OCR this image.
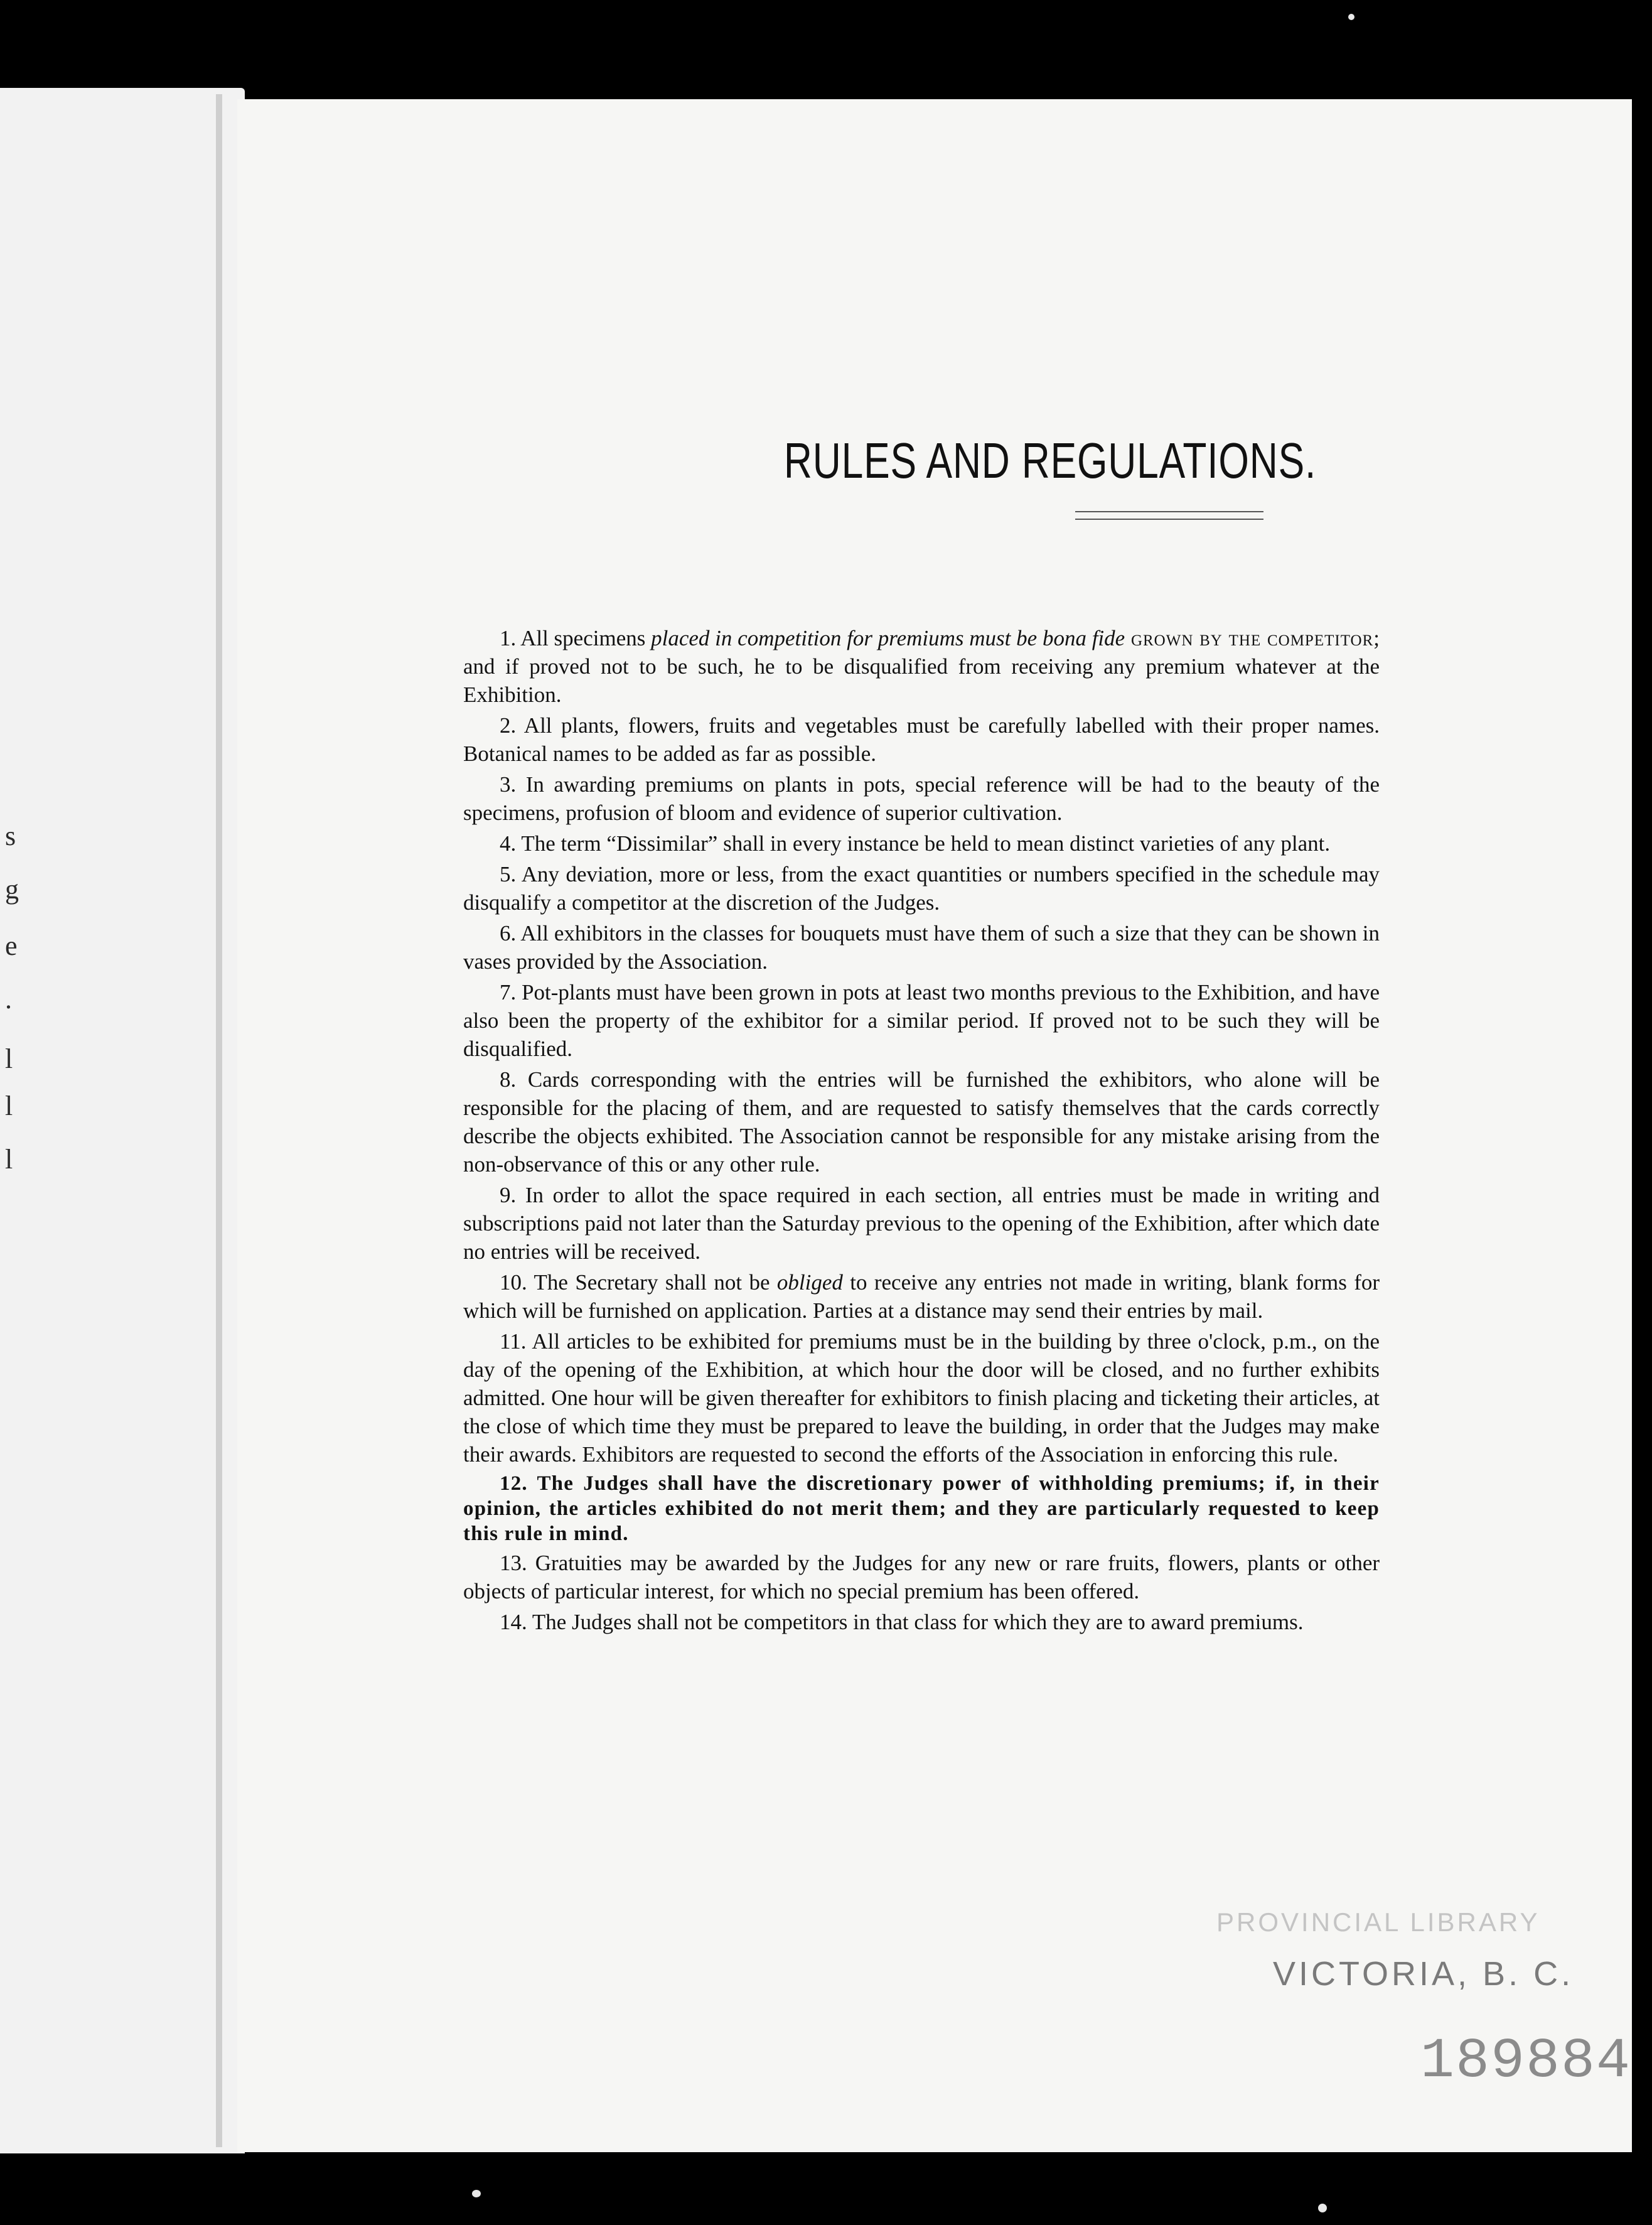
s
g
e
.
l
l
l
RULES AND REGULATIONS.

1. All specimens placed in competition for premiums must be bona fide grown by the competitor; and if proved not to be such, he to be disqualified from receiving any premium whatever at the Exhibition.

2. All plants, flowers, fruits and vegetables must be carefully labelled with their proper names. Botanical names to be added as far as possible.

3. In awarding premiums on plants in pots, special reference will be had to the beauty of the specimens, profusion of bloom and evidence of superior cultivation.

4. The term “Dissimilar” shall in every instance be held to mean distinct varieties of any plant.

5. Any deviation, more or less, from the exact quantities or numbers specified in the schedule may disqualify a competitor at the discretion of the Judges.

6. All exhibitors in the classes for bouquets must have them of such a size that they can be shown in vases provided by the Association.

7. Pot-plants must have been grown in pots at least two months previous to the Exhibition, and have also been the property of the exhibitor for a similar period. If proved not to be such they will be disqualified.

8. Cards corresponding with the entries will be furnished the exhibitors, who alone will be responsible for the placing of them, and are requested to satisfy themselves that the cards correctly describe the objects exhibited. The Association cannot be responsible for any mistake arising from the non-observance of this or any other rule.

9. In order to allot the space required in each section, all entries must be made in writing and subscriptions paid not later than the Saturday previous to the opening of the Exhibition, after which date no entries will be received.

10. The Secretary shall not be obliged to receive any entries not made in writing, blank forms for which will be furnished on application. Parties at a distance may send their entries by mail.

11. All articles to be exhibited for premiums must be in the building by three o'clock, p.m., on the day of the opening of the Exhibition, at which hour the door will be closed, and no further exhibits admitted. One hour will be given thereafter for exhibitors to finish placing and ticketing their articles, at the close of which time they must be prepared to leave the building, in order that the Judges may make their awards. Exhibitors are requested to second the efforts of the Association in enforcing this rule.

12. The Judges shall have the discretionary power of withholding premiums; if, in their opinion, the articles exhibited do not merit them; and they are particularly requested to keep this rule in mind.

13. Gratuities may be awarded by the Judges for any new or rare fruits, flowers, plants or other objects of particular interest, for which no special premium has been offered.

14. The Judges shall not be competitors in that class for which they are to award premiums.

PROVINCIAL LIBRARY
VICTORIA, B. C.
189884
